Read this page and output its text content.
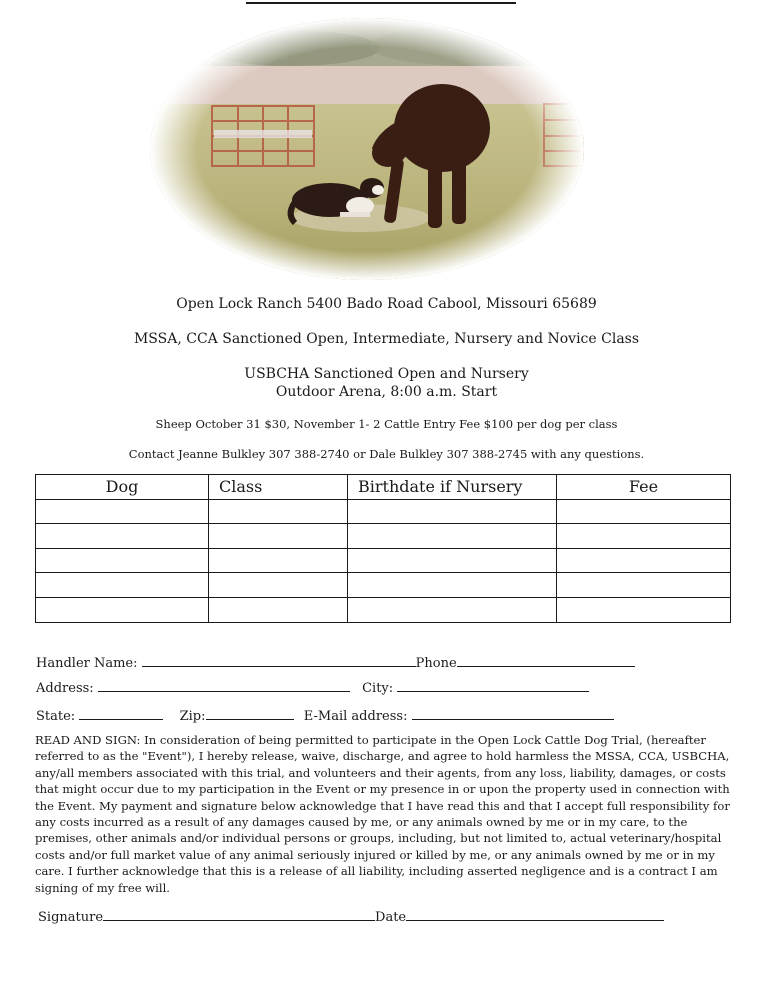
Open Lock Ranch 5400 Bado Road Cabool, Missouri 65689
MSSA, CCA Sanctioned Open, Intermediate, Nursery and Novice Class
USBCHA Sanctioned Open and Nursery
Outdoor Arena, 8:00 a.m. Start
Sheep October 31 $30, November 1- 2 Cattle Entry Fee $100 per dog per class
Contact Jeanne Bulkley 307 388-2740 or Dale Bulkley 307 388-2745 with any questions.
Dog	Class	Birthdate if Nursery	Fee

Handler Name:	Phone
Address:	City:
State:	Zip:	E-Mail address:
READ AND SIGN: In consideration of being permitted to participate in the Open Lock Cattle Dog Trial, (hereafter referred to as the "Event"), I hereby release, waive, discharge, and agree to hold harmless the MSSA, CCA, USBCHA, any/all members associated with this trial, and volunteers and their agents, from any loss, liability, damages, or costs that might occur due to my participation in the Event or my presence in or upon the property used in connection with the Event. My payment and signature below acknowledge that I have read this and that I accept full responsibility for any costs incurred as a result of any damages caused by me, or any animals owned by me or in my care, to the premises, other animals and/or individual persons or groups, including, but not limited to, actual veterinary/hospital costs and/or full market value of any animal seriously injured or killed by me, or any animals owned by me or in my care. I further acknowledge that this is a release of all liability, including asserted negligence and is a contract I am signing of my free will.
Signature	Date
